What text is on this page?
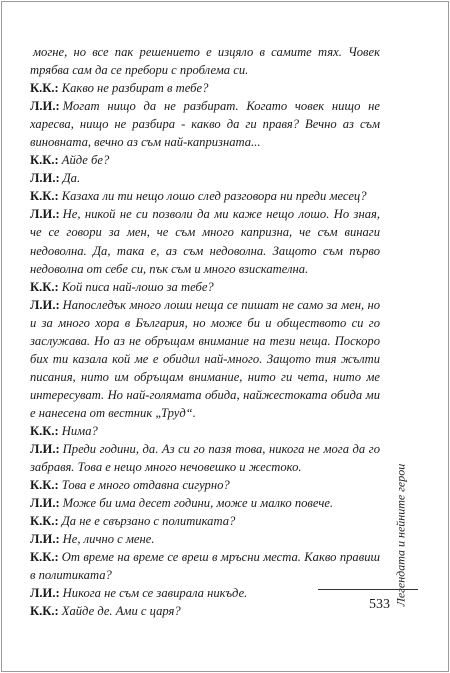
могне, но все пак решението е изцяло в самите тях. Човек трябва сам да се пребори с проблема си.

К.К.: Какво не разбират в тебе?

Л.И.: Могат нищо да не разбират. Когато човек нищо не харесва, нищо не разбира - какво да ги правя? Вечно аз съм виновната, вечно аз съм най-капризната...

К.К.: Айде бе?

Л.И.: Да.

К.К.: Казаха ли ти нещо лошо след разговора ни преди месец?

Л.И.: Не, никой не си позволи да ми каже нещо лошо. Но зная, че се говори за мен, че съм много капризна, че съм винаги недоволна. Да, така е, аз съм недоволна. Защото съм първо недоволна от себе си, пък съм и много взискателна.

К.К.: Кой писа най-лошо за тебе?

Л.И.: Напоследък много лоши неща се пишат не само за мен, но и за много хора в България, но може би и обществото си го заслужава. Но аз не обръщам внимание на тези неща. Поскоро бих ти казала кой ме е обидил най-много. Защото тия жълти писания, нито им обръщам внимание, нито ги чета, нито ме интересуват. Но най-голямата обида, найжестоката обида ми е нанесена от вестник „Труд“.

К.К.: Нима?

Л.И.: Преди години, да. Аз си го пазя това, никога не мога да го забравя. Това е нещо много нечовешко и жестоко.

К.К.: Това е много отдавна сигурно?

Л.И.: Може би има десет години, може и малко повече.

К.К.: Да не е свързано с политиката?

Л.И.: Не, лично с мене.

К.К.: От време на време се вреш в мръсни места. Какво правиш в политиката?

Л.И.: Никога не съм се завирала никъде.

К.К.: Хайде де. Ами с царя?

Легендата и нейните герои
533
